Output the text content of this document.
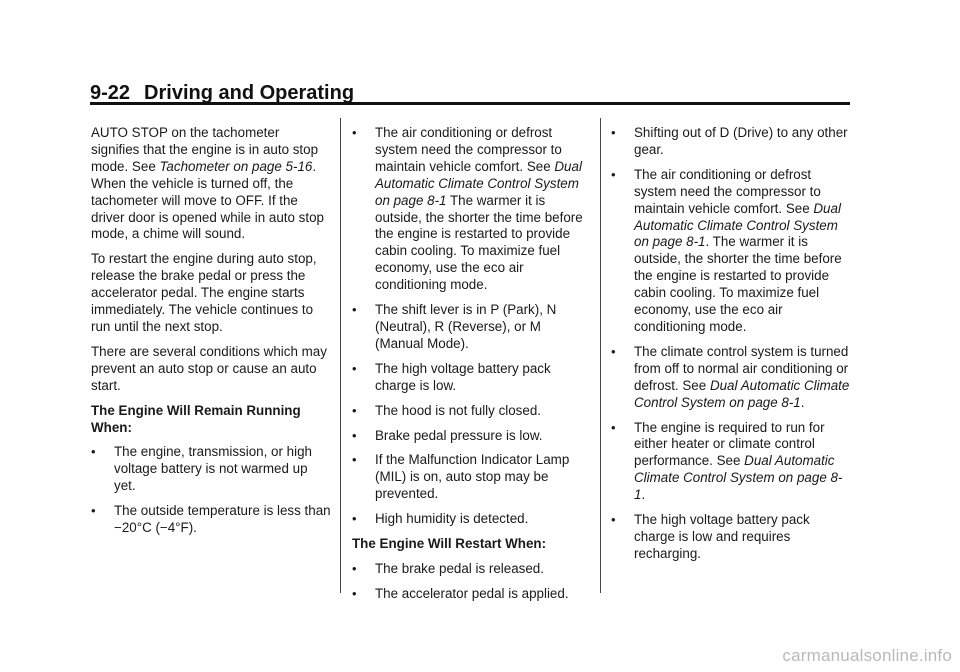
9-22 Driving and Operating

AUTO STOP on the tachometer signifies that the engine is in auto stop mode. See Tachometer on page 5-16. When the vehicle is turned off, the tachometer will move to OFF. If the driver door is opened while in auto stop mode, a chime will sound.

To restart the engine during auto stop, release the brake pedal or press the accelerator pedal. The engine starts immediately. The vehicle continues to run until the next stop.

There are several conditions which may prevent an auto stop or cause an auto start.

The Engine Will Remain Running When:

• The engine, transmission, or high voltage battery is not warmed up yet.
• The outside temperature is less than −20°C (−4°F).
• The air conditioning or defrost system need the compressor to maintain vehicle comfort. See Dual Automatic Climate Control System on page 8-1 The warmer it is outside, the shorter the time before the engine is restarted to provide cabin cooling. To maximize fuel economy, use the eco air conditioning mode.
• The shift lever is in P (Park), N (Neutral), R (Reverse), or M (Manual Mode).
• The high voltage battery pack charge is low.
• The hood is not fully closed.
• Brake pedal pressure is low.
• If the Malfunction Indicator Lamp (MIL) is on, auto stop may be prevented.
• High humidity is detected.

The Engine Will Restart When:

• The brake pedal is released.
• The accelerator pedal is applied.
• Shifting out of D (Drive) to any other gear.
• The air conditioning or defrost system need the compressor to maintain vehicle comfort. See Dual Automatic Climate Control System on page 8-1. The warmer it is outside, the shorter the time before the engine is restarted to provide cabin cooling. To maximize fuel economy, use the eco air conditioning mode.
• The climate control system is turned from off to normal air conditioning or defrost. See Dual Automatic Climate Control System on page 8-1.
• The engine is required to run for either heater or climate control performance. See Dual Automatic Climate Control System on page 8-1.
• The high voltage battery pack charge is low and requires recharging.
carmanualsonline.info
